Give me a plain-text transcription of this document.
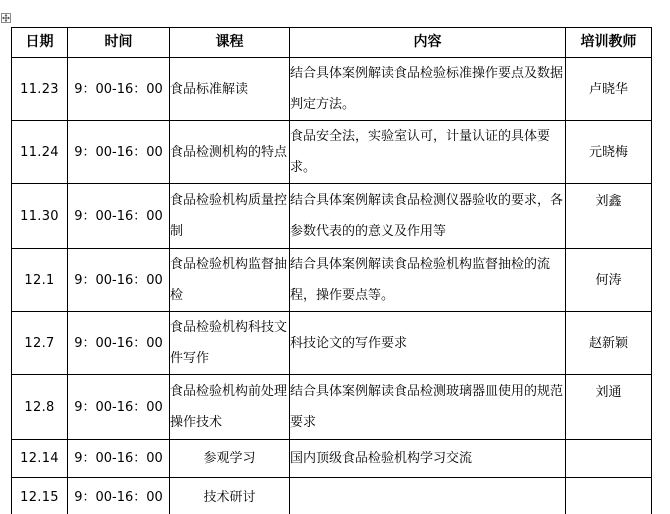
日期	时间	课程	内容	培训教师
11.23	9：00-16：00	食品标准解读	结合具体案例解读食品检验标准操作要点及数据判定方法。	卢晓华
11.24	9：00-16：00	食品检测机构的特点	食品安全法，实验室认可，计量认证的具体要求。	元晓梅
11.30	9：00-16：00	食品检验机构质量控制	结合具体案例解读食品检测仪器验收的要求，各参数代表的的意义及作用等	刘鑫
12.1	9：00-16：00	食品检验机构监督抽检	结合具体案例解读食品检验机构监督抽检的流程，操作要点等。	何涛
12.7	9：00-16：00	食品检验机构科技文件写作	科技论文的写作要求	赵新颖
12.8	9：00-16：00	食品检验机构前处理操作技术	结合具体案例解读食品检测玻璃器皿使用的规范要求	刘通
12.14	9：00-16：00	参观学习	国内顶级食品检验机构学习交流	
12.15	9：00-16：00	技术研讨		
